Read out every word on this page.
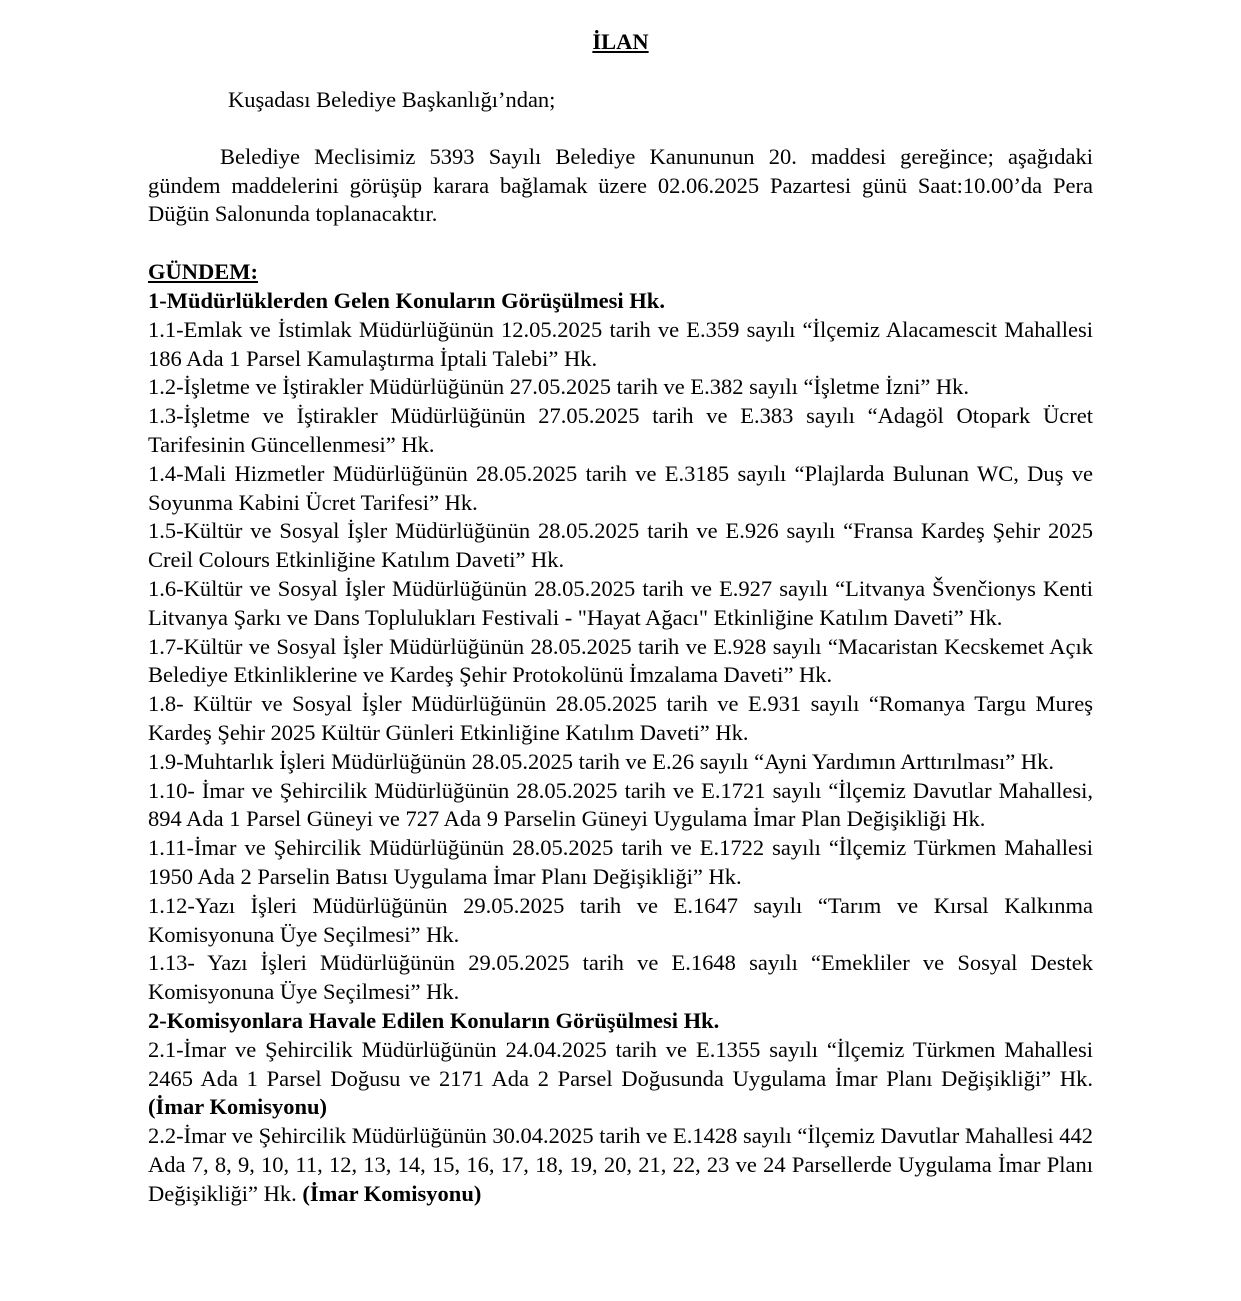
İLAN

Kuşadası Belediye Başkanlığı’ndan;

Belediye Meclisimiz 5393 Sayılı Belediye Kanununun 20. maddesi gereğince; aşağıdaki gündem maddelerini görüşüp karara bağlamak üzere 02.06.2025 Pazartesi günü Saat:10.00’da Pera Düğün Salonunda toplanacaktır.

GÜNDEM:

1-Müdürlüklerden Gelen Konuların Görüşülmesi Hk.

1.1-Emlak ve İstimlak Müdürlüğünün 12.05.2025 tarih ve E.359 sayılı “İlçemiz Alacamescit Mahallesi 186 Ada 1 Parsel Kamulaştırma İptali Talebi” Hk.

1.2-İşletme ve İştirakler Müdürlüğünün 27.05.2025 tarih ve E.382 sayılı “İşletme İzni” Hk.

1.3-İşletme ve İştirakler Müdürlüğünün 27.05.2025 tarih ve E.383 sayılı “Adagöl Otopark Ücret Tarifesinin Güncellenmesi” Hk.

1.4-Mali Hizmetler Müdürlüğünün 28.05.2025 tarih ve E.3185 sayılı “Plajlarda Bulunan WC, Duş ve Soyunma Kabini Ücret Tarifesi” Hk.

1.5-Kültür ve Sosyal İşler Müdürlüğünün 28.05.2025 tarih ve E.926 sayılı “Fransa Kardeş Şehir 2025 Creil Colours Etkinliğine Katılım Daveti” Hk.

1.6-Kültür ve Sosyal İşler Müdürlüğünün 28.05.2025 tarih ve E.927 sayılı “Litvanya Švenčionys Kenti Litvanya Şarkı ve Dans Toplulukları Festivali - "Hayat Ağacı" Etkinliğine Katılım Daveti” Hk.

1.7-Kültür ve Sosyal İşler Müdürlüğünün 28.05.2025 tarih ve E.928 sayılı “Macaristan Kecskemet Açık Belediye Etkinliklerine ve Kardeş Şehir Protokolünü İmzalama Daveti” Hk.

1.8- Kültür ve Sosyal İşler Müdürlüğünün 28.05.2025 tarih ve E.931 sayılı “Romanya Targu Mureş Kardeş Şehir 2025 Kültür Günleri Etkinliğine Katılım Daveti” Hk.

1.9-Muhtarlık İşleri Müdürlüğünün 28.05.2025 tarih ve E.26 sayılı “Ayni Yardımın Arttırılması” Hk.

1.10- İmar ve Şehircilik Müdürlüğünün 28.05.2025 tarih ve E.1721 sayılı “İlçemiz Davutlar Mahallesi, 894 Ada 1 Parsel Güneyi ve 727 Ada 9 Parselin Güneyi Uygulama İmar Plan Değişikliği Hk.

1.11-İmar ve Şehircilik Müdürlüğünün 28.05.2025 tarih ve E.1722 sayılı “İlçemiz Türkmen Mahallesi 1950 Ada 2 Parselin Batısı Uygulama İmar Planı Değişikliği” Hk.

1.12-Yazı İşleri Müdürlüğünün 29.05.2025 tarih ve E.1647 sayılı “Tarım ve Kırsal Kalkınma Komisyonuna Üye Seçilmesi” Hk.

1.13- Yazı İşleri Müdürlüğünün 29.05.2025 tarih ve E.1648 sayılı “Emekliler ve Sosyal Destek Komisyonuna Üye Seçilmesi” Hk.

2-Komisyonlara Havale Edilen Konuların Görüşülmesi Hk.

2.1-İmar ve Şehircilik Müdürlüğünün 24.04.2025 tarih ve E.1355 sayılı “İlçemiz Türkmen Mahallesi 2465 Ada 1 Parsel Doğusu ve 2171 Ada 2 Parsel Doğusunda Uygulama İmar Planı Değişikliği” Hk. (İmar Komisyonu)

2.2-İmar ve Şehircilik Müdürlüğünün 30.04.2025 tarih ve E.1428 sayılı “İlçemiz Davutlar Mahallesi 442 Ada 7, 8, 9, 10, 11, 12, 13, 14, 15, 16, 17, 18, 19, 20, 21, 22, 23 ve 24 Parsellerde Uygulama İmar Planı Değişikliği” Hk. (İmar Komisyonu)
